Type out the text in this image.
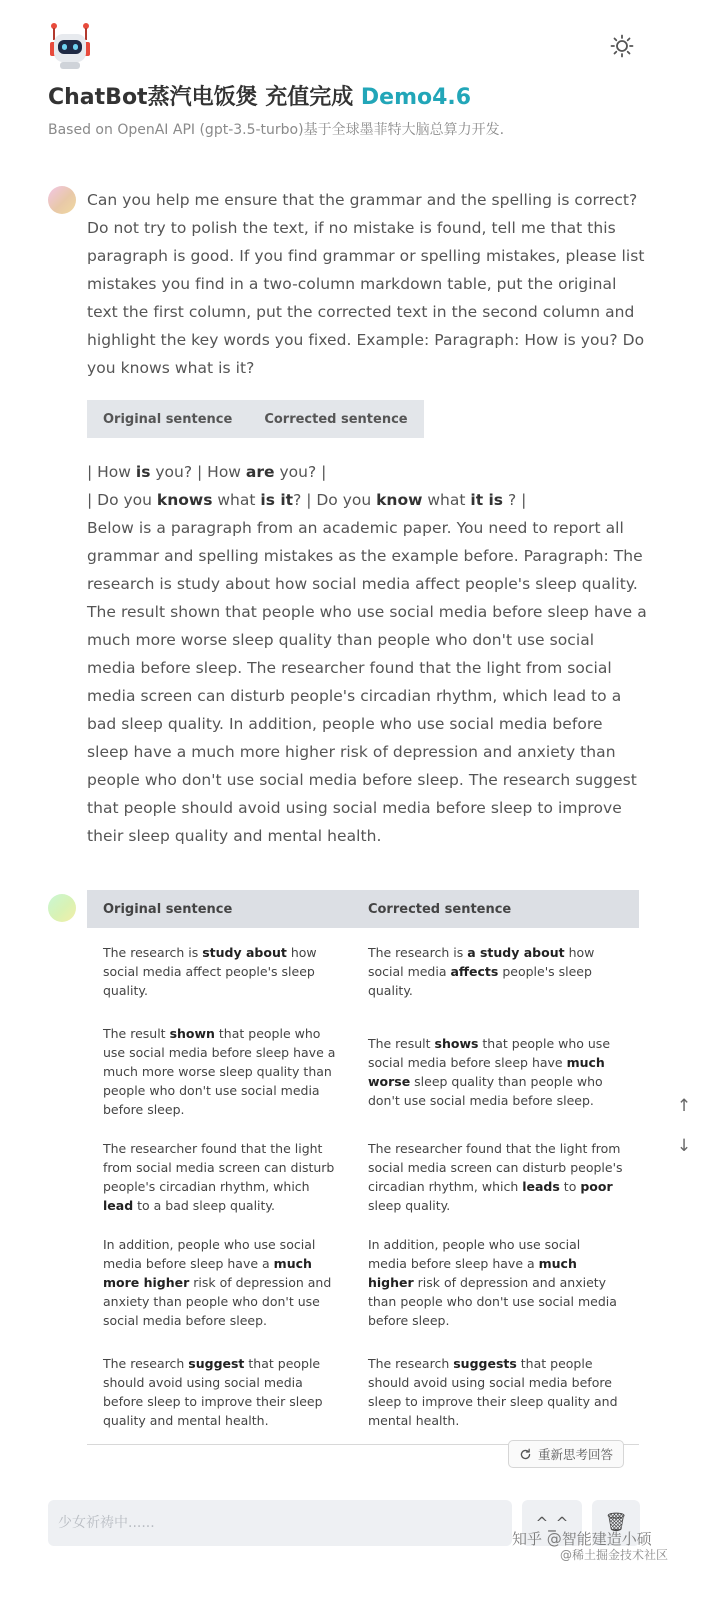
ChatBot蒸汽电饭煲 充值完成 Demo4.6
Based on OpenAI API (gpt-3.5-turbo)基于全球墨菲特大脑总算力开发.

Can you help me ensure that the grammar and the spelling is correct? Do not try to polish the text, if no mistake is found, tell me that this paragraph is good. If you find grammar or spelling mistakes, please list mistakes you find in a two-column markdown table, put the original text the first column, put the corrected text in the second column and highlight the key words you fixed. Example: Paragraph: How is you? Do you knows what is it?

Original sentence Corrected sentence
| How is you? | How are you? |
| Do you knows what is it? | Do you know what it is ? |

Below is a paragraph from an academic paper. You need to report all grammar and spelling mistakes as the example before. Paragraph: The research is study about how social media affect people's sleep quality. The result shown that people who use social media before sleep have a much more worse sleep quality than people who don't use social media before sleep. The researcher found that the light from social media screen can disturb people's circadian rhythm, which lead to a bad sleep quality. In addition, people who use social media before sleep have a much more higher risk of depression and anxiety than people who don't use social media before sleep. The research suggest that people should avoid using social media before sleep to improve their sleep quality and mental health.

Original sentence	Corrected sentence
The research is study about how social media affect people's sleep quality.	The research is a study about how social media affects people's sleep quality.
The result shown that people who use social media before sleep have a much more worse sleep quality than people who don't use social media before sleep.	The result shows that people who use social media before sleep have much worse sleep quality than people who don't use social media before sleep.
The researcher found that the light from social media screen can disturb people's circadian rhythm, which lead to a bad sleep quality.	The researcher found that the light from social media screen can disturb people's circadian rhythm, which leads to poor sleep quality.
In addition, people who use social media before sleep have a much more higher risk of depression and anxiety than people who don't use social media before sleep.	In addition, people who use social media before sleep have a much higher risk of depression and anxiety than people who don't use social media before sleep.
The research suggest that people should avoid using social media before sleep to improve their sleep quality and mental health.	The research suggests that people should avoid using social media before sleep to improve their sleep quality and mental health.
重新思考回答
↑
↓
少女祈祷中......
^_^	🗑
知乎 @智能建造小硕
@稀土掘金技术社区
